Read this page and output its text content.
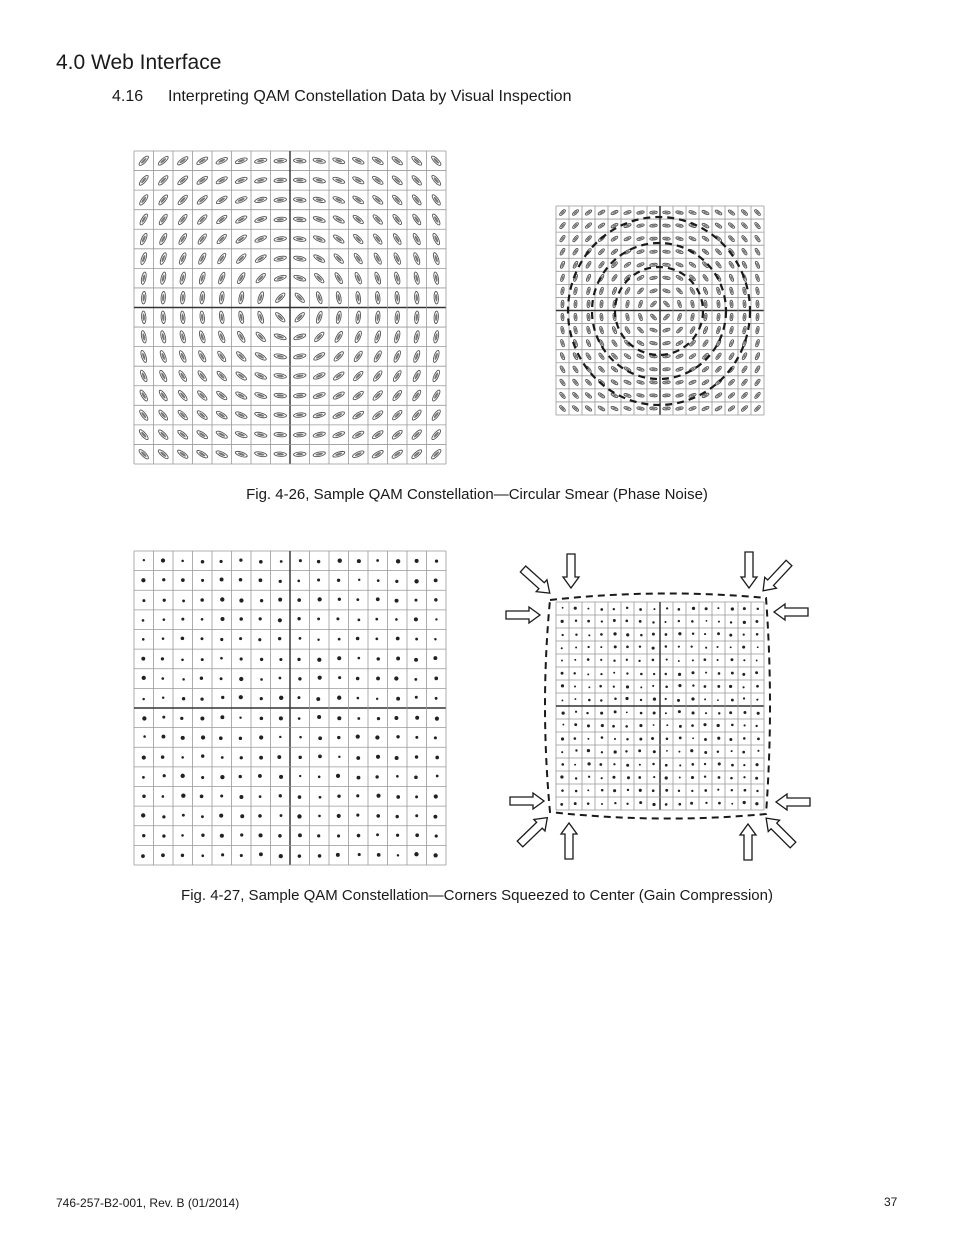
4.0 Web Interface
4.16 Interpreting QAM Constellation Data by Visual Inspection
Fig. 4-26, Sample QAM Constellation—Circular Smear (Phase Noise)
Fig. 4-27, Sample QAM Constellation—Corners Squeezed to Center (Gain Compression)
746-257-B2-001, Rev. B (01/2014)	37
